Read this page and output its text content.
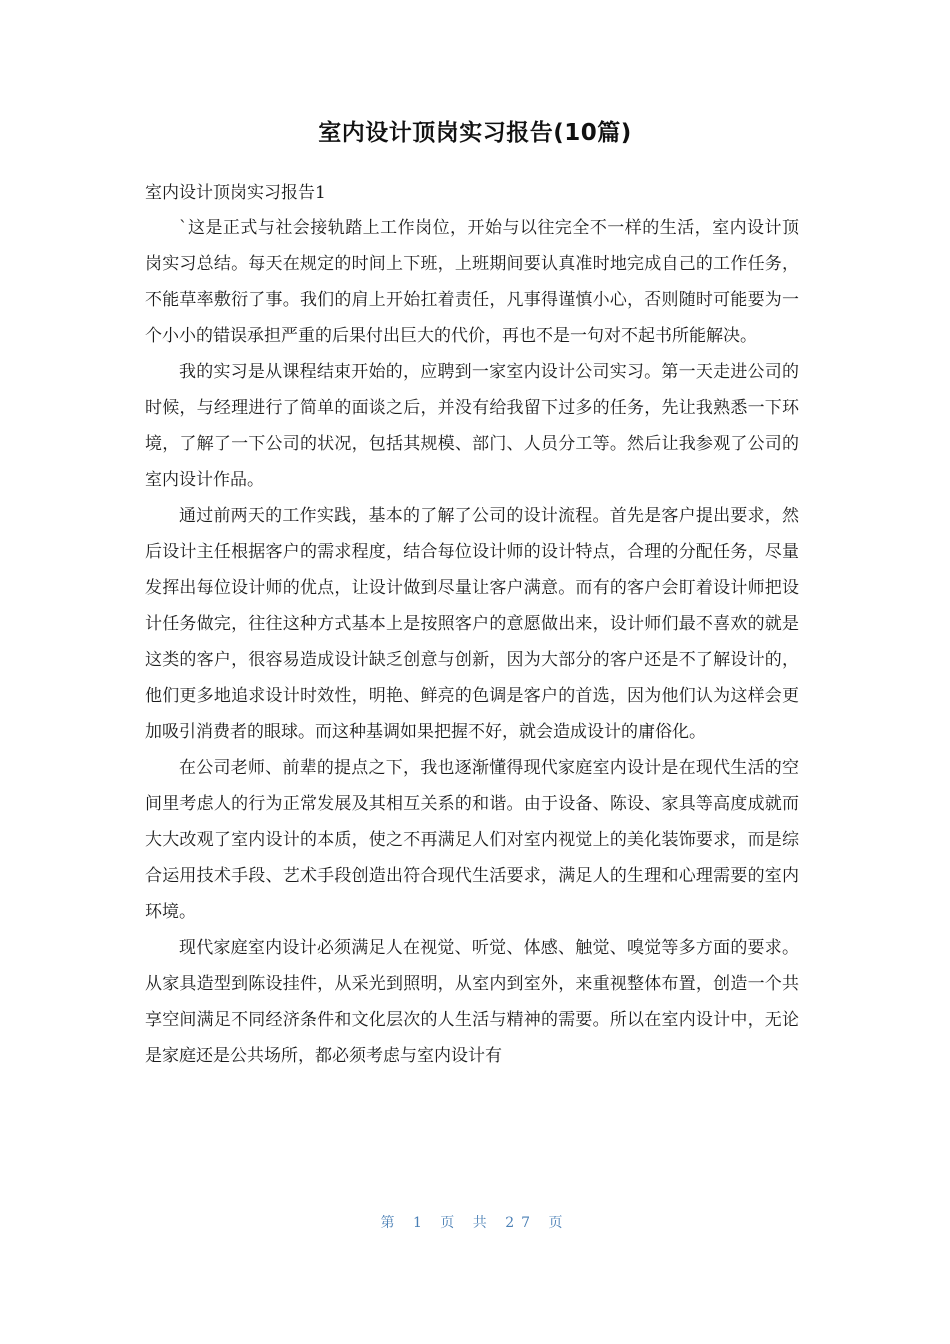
室内设计顶岗实习报告(10篇)

室内设计顶岗实习报告1

`这是正式与社会接轨踏上工作岗位，开始与以往完全不一样的生活，室内设计顶岗实习总结。每天在规定的时间上下班，上班期间要认真准时地完成自己的工作任务，不能草率敷衍了事。我们的肩上开始扛着责任，凡事得谨慎小心，否则随时可能要为一个小小的错误承担严重的后果付出巨大的代价，再也不是一句对不起书所能解决。

我的实习是从课程结束开始的，应聘到一家室内设计公司实习。第一天走进公司的时候，与经理进行了简单的面谈之后，并没有给我留下过多的任务，先让我熟悉一下环境，了解了一下公司的状况，包括其规模、部门、人员分工等。然后让我参观了公司的室内设计作品。

通过前两天的工作实践，基本的了解了公司的设计流程。首先是客户提出要求，然后设计主任根据客户的需求程度，结合每位设计师的设计特点，合理的分配任务，尽量发挥出每位设计师的优点，让设计做到尽量让客户满意。而有的客户会盯着设计师把设计任务做完，往往这种方式基本上是按照客户的意愿做出来，设计师们最不喜欢的就是这类的客户，很容易造成设计缺乏创意与创新，因为大部分的客户还是不了解设计的，他们更多地追求设计时效性，明艳、鲜亮的色调是客户的首选，因为他们认为这样会更加吸引消费者的眼球。而这种基调如果把握不好，就会造成设计的庸俗化。

在公司老师、前辈的提点之下，我也逐渐懂得现代家庭室内设计是在现代生活的空间里考虑人的行为正常发展及其相互关系的和谐。由于设备、陈设、家具等高度成就而大大改观了室内设计的本质，使之不再满足人们对室内视觉上的美化装饰要求，而是综合运用技术手段、艺术手段创造出符合现代生活要求，满足人的生理和心理需要的室内环境。

现代家庭室内设计必须满足人在视觉、听觉、体感、触觉、嗅觉等多方面的要求。从家具造型到陈设挂件，从采光到照明，从室内到室外，来重视整体布置，创造一个共享空间满足不同经济条件和文化层次的人生活与精神的需要。所以在室内设计中，无论是家庭还是公共场所，都必须考虑与室内设计有

第 1 页 共 27 页
